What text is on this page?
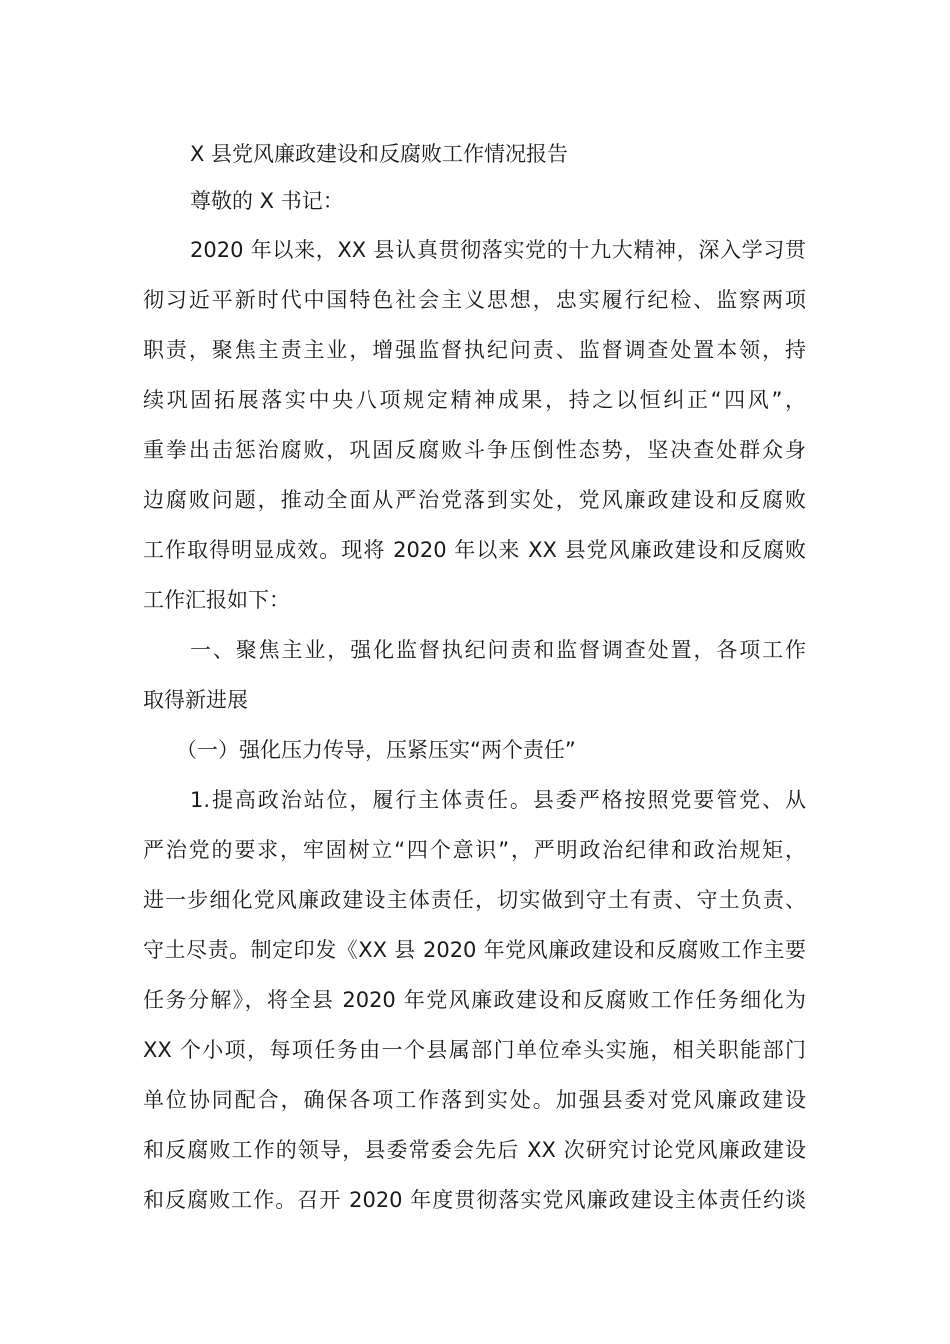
X 县党风廉政建设和反腐败工作情况报告
尊敬的 X 书记：
2020 年以来，XX 县认真贯彻落实党的十九大精神，深入学习贯
彻习近平新时代中国特色社会主义思想，忠实履行纪检、监察两项
职责，聚焦主责主业，增强监督执纪问责、监督调查处置本领，持
续巩固拓展落实中央八项规定精神成果，持之以恒纠正“四风”，
重拳出击惩治腐败，巩固反腐败斗争压倒性态势，坚决查处群众身
边腐败问题，推动全面从严治党落到实处，党风廉政建设和反腐败
工作取得明显成效。现将 2020 年以来 XX 县党风廉政建设和反腐败
工作汇报如下：
一、聚焦主业，强化监督执纪问责和监督调查处置，各项工作
取得新进展
（一）强化压力传导，压紧压实“两个责任”
1.提高政治站位，履行主体责任。县委严格按照党要管党、从
严治党的要求，牢固树立“四个意识”，严明政治纪律和政治规矩，
进一步细化党风廉政建设主体责任，切实做到守土有责、守土负责、
守土尽责。制定印发《XX 县 2020 年党风廉政建设和反腐败工作主要
任务分解》，将全县 2020 年党风廉政建设和反腐败工作任务细化为
XX 个小项，每项任务由一个县属部门单位牵头实施，相关职能部门
单位协同配合，确保各项工作落到实处。加强县委对党风廉政建设
和反腐败工作的领导，县委常委会先后 XX 次研究讨论党风廉政建设
和反腐败工作。召开 2020 年度贯彻落实党风廉政建设主体责任约谈
